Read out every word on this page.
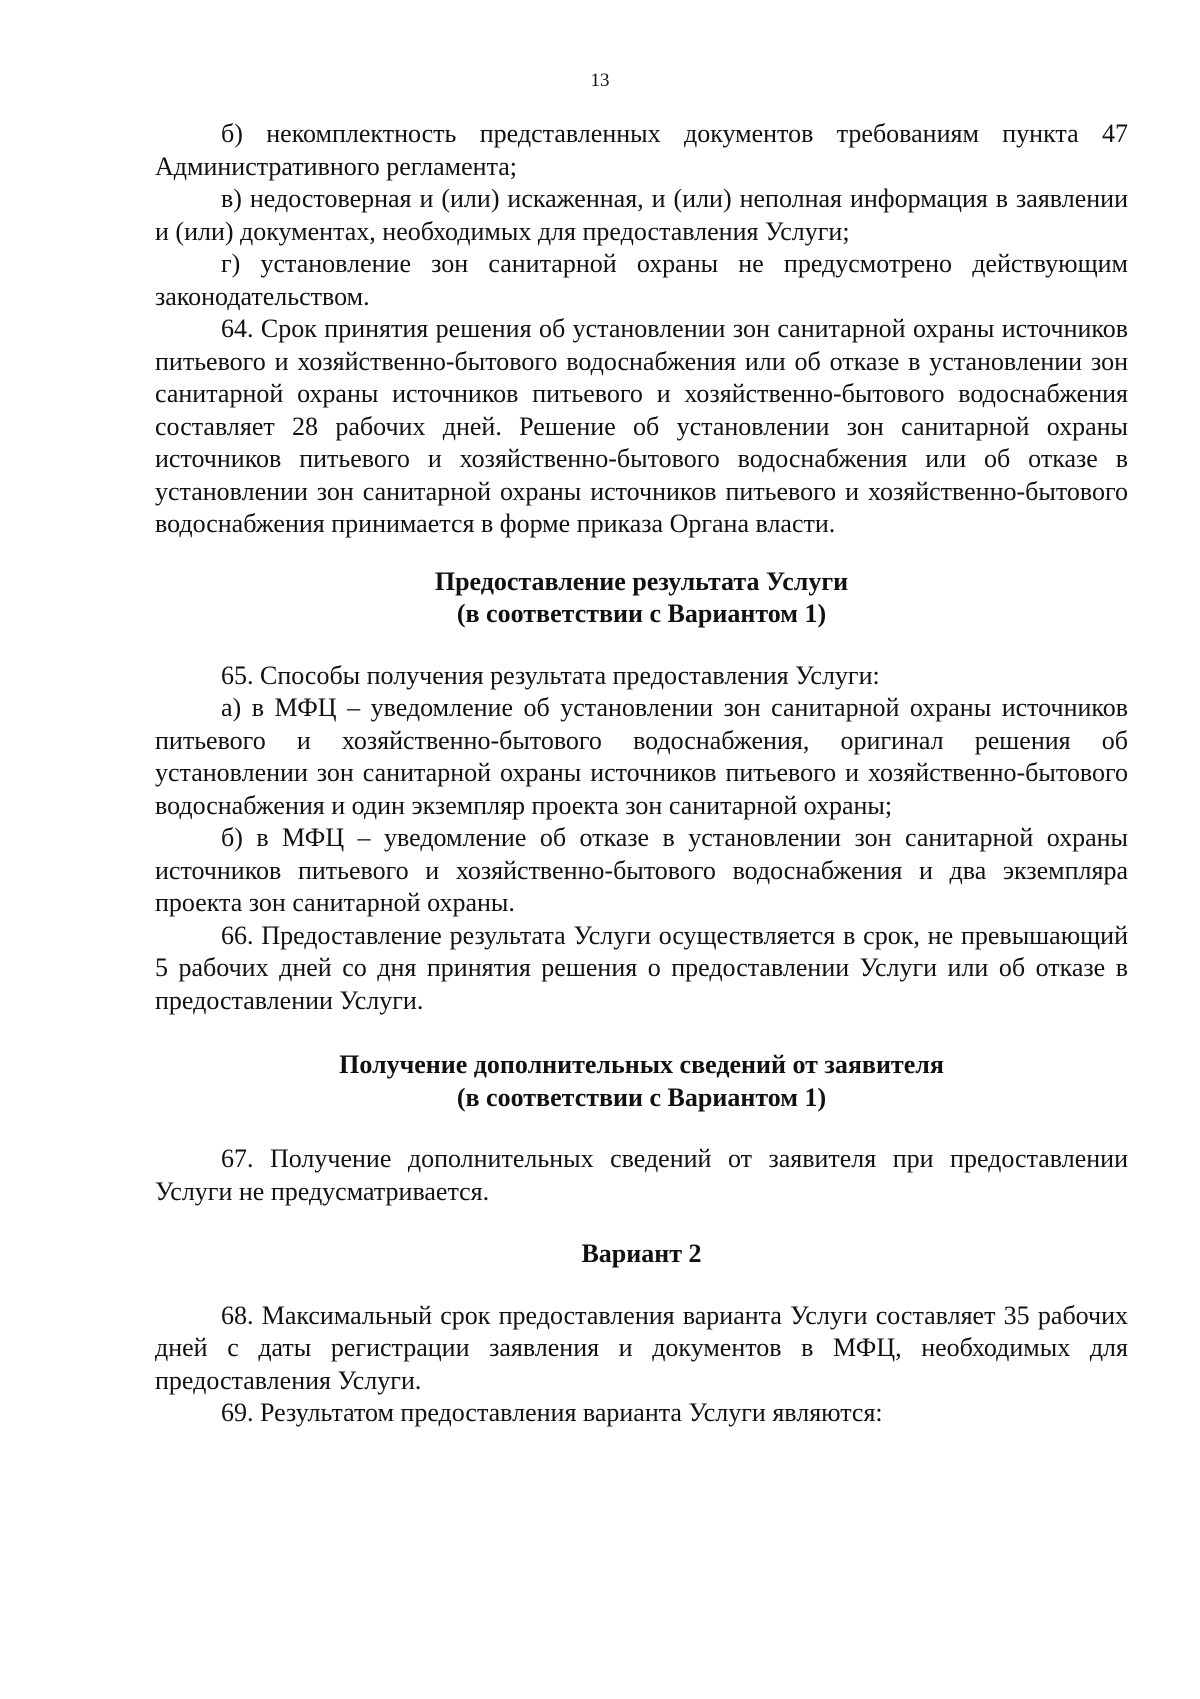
13

б) некомплектность представленных документов требованиям пункта 47 Административного регламента;

в) недостоверная и (или) искаженная, и (или) неполная информация в заявлении и (или) документах, необходимых для предоставления Услуги;

г) установление зон санитарной охраны не предусмотрено действующим законодательством.

64. Срок принятия решения об установлении зон санитарной охраны источников питьевого и хозяйственно-бытового водоснабжения или об отказе в установлении зон санитарной охраны источников питьевого и хозяйственно-бытового водоснабжения составляет 28 рабочих дней. Решение об установлении зон санитарной охраны источников питьевого и хозяйственно-бытового водоснабжения или об отказе в установлении зон санитарной охраны источников питьевого и хозяйственно-бытового водоснабжения принимается в форме приказа Органа власти.

Предоставление результата Услуги
(в соответствии с Вариантом 1)

65. Способы получения результата предоставления Услуги:

а) в МФЦ – уведомление об установлении зон санитарной охраны источников питьевого и хозяйственно-бытового водоснабжения, оригинал решения об установлении зон санитарной охраны источников питьевого и хозяйственно-бытового водоснабжения и один экземпляр проекта зон санитарной охраны;

б) в МФЦ – уведомление об отказе в установлении зон санитарной охраны источников питьевого и хозяйственно-бытового водоснабжения и два экземпляра проекта зон санитарной охраны.

66. Предоставление результата Услуги осуществляется в срок, не превышающий 5 рабочих дней со дня принятия решения о предоставлении Услуги или об отказе в предоставлении Услуги.

Получение дополнительных сведений от заявителя
(в соответствии с Вариантом 1)

67. Получение дополнительных сведений от заявителя при предоставлении Услуги не предусматривается.

Вариант 2

68. Максимальный срок предоставления варианта Услуги составляет 35 рабочих дней с даты регистрации заявления и документов в МФЦ, необходимых для предоставления Услуги.

69. Результатом предоставления варианта Услуги являются:
